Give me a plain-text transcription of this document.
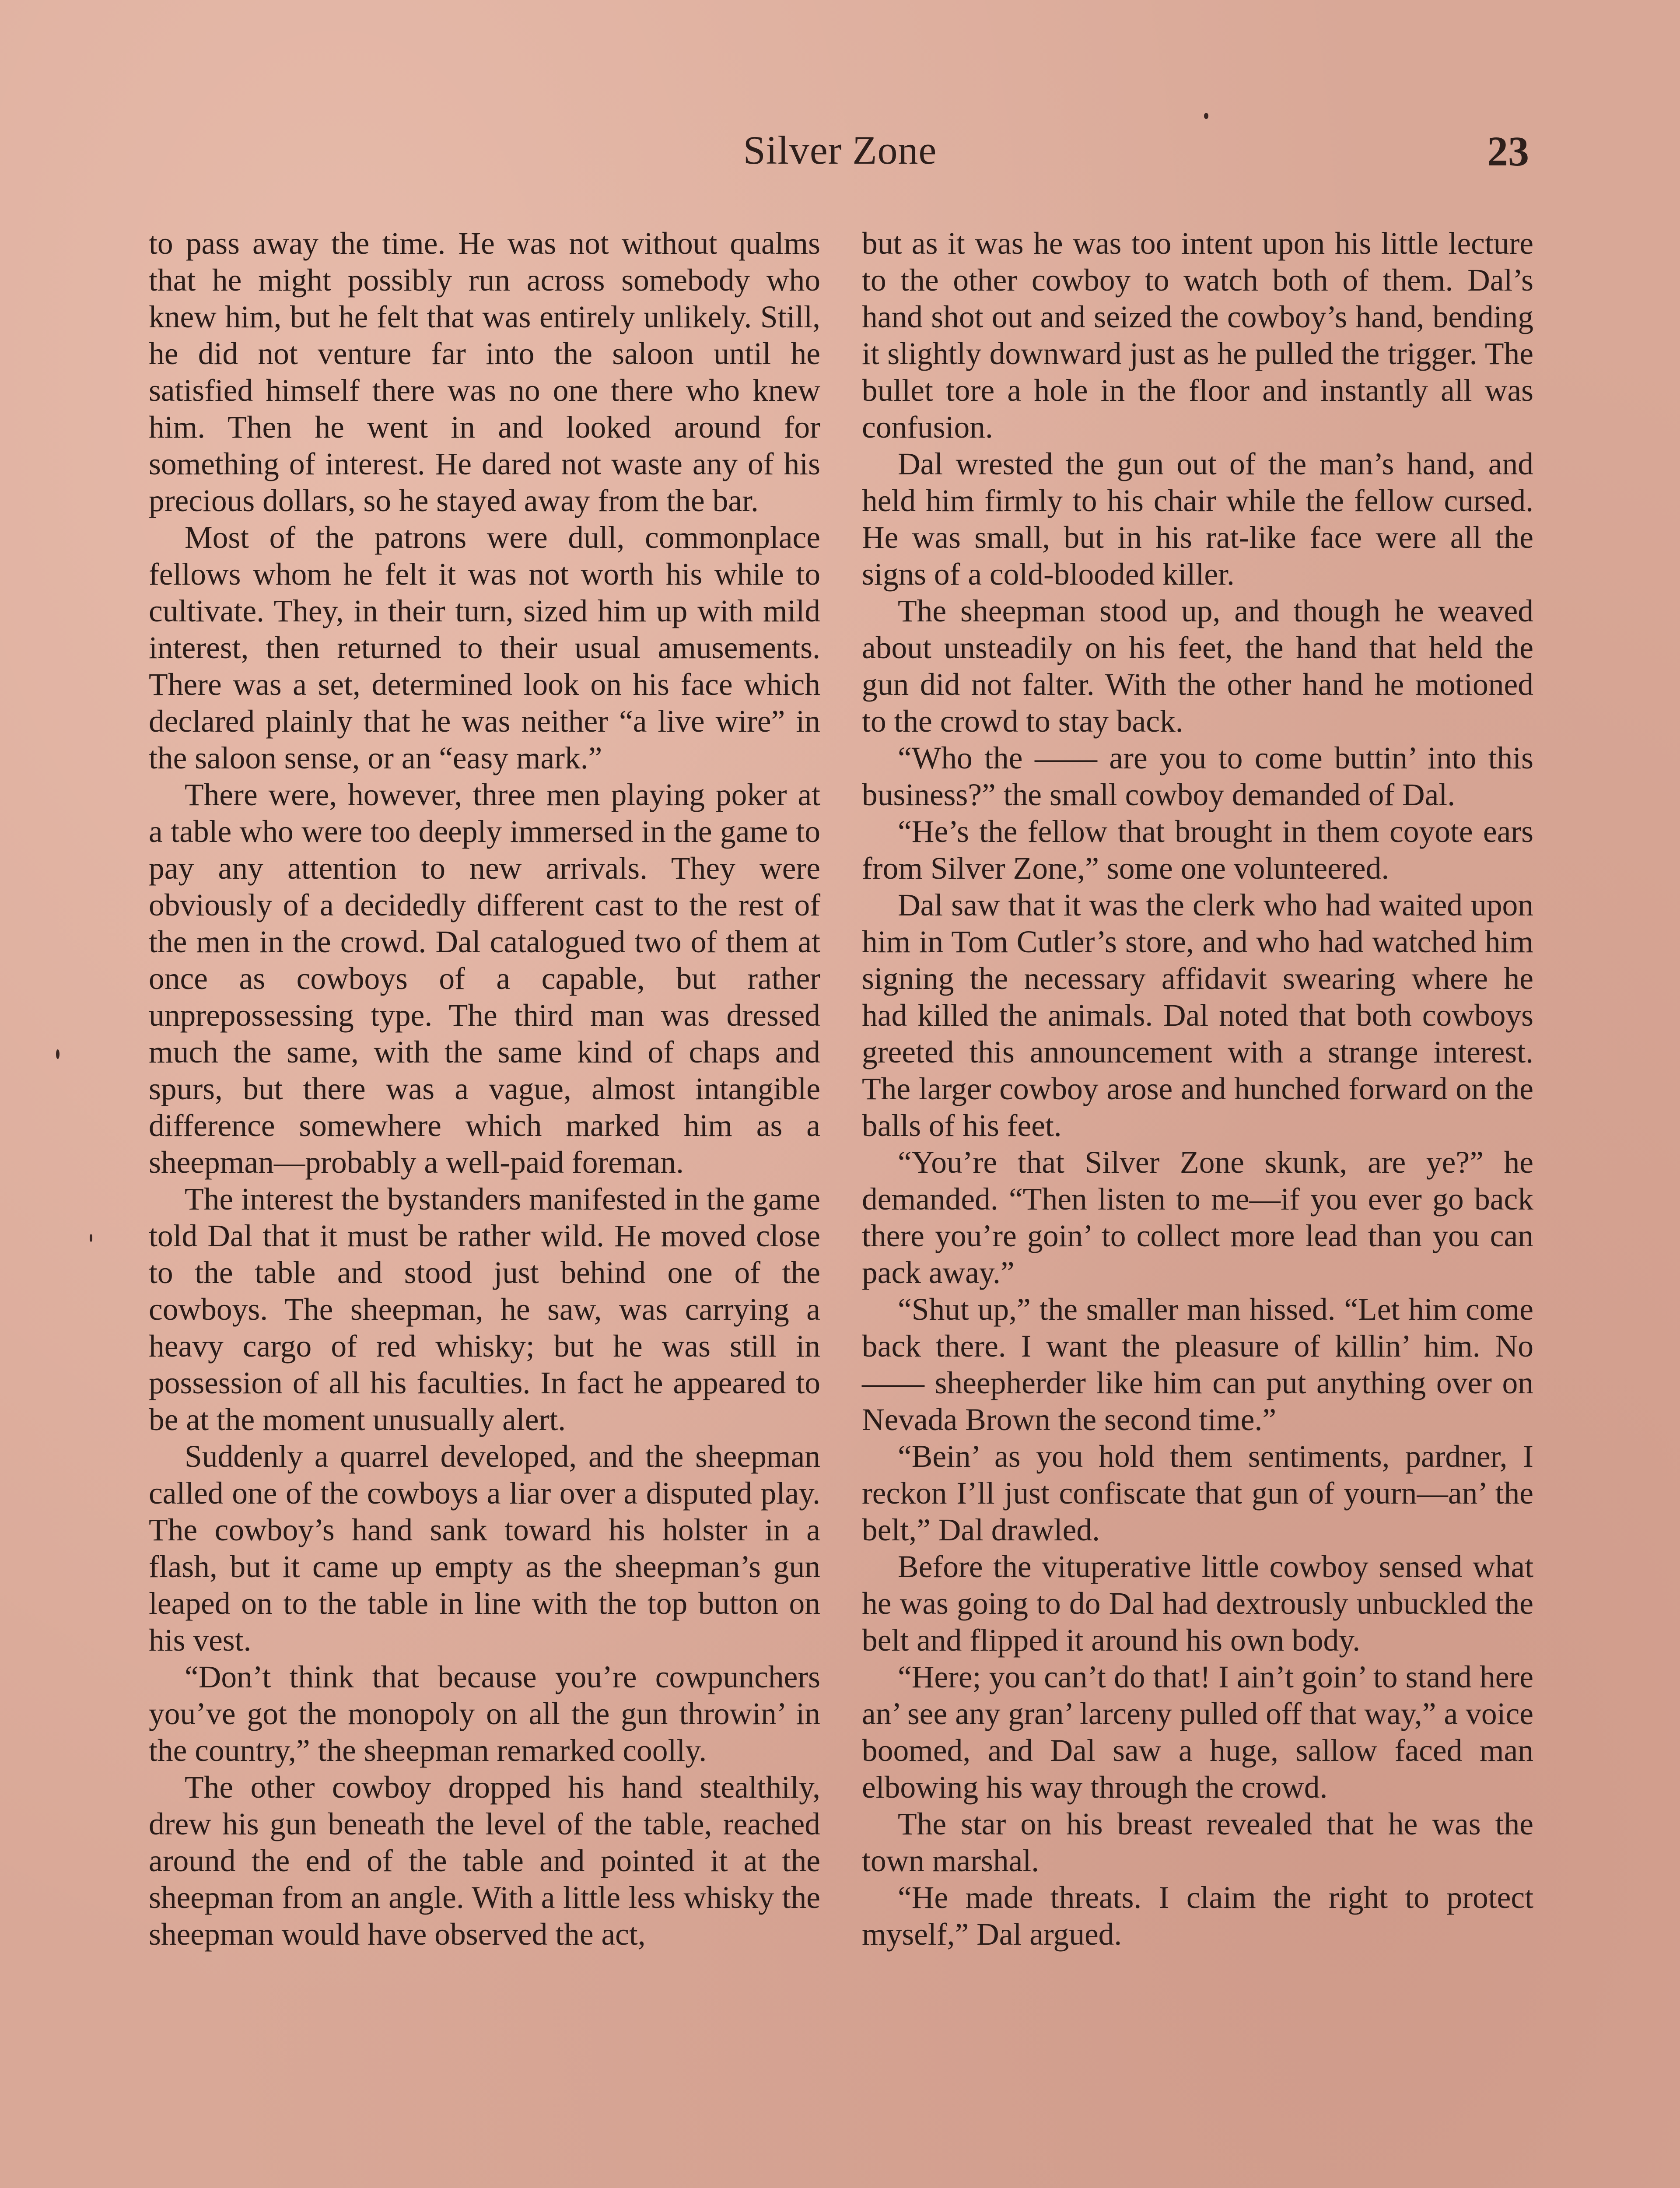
Silver Zone	23

to pass away the time. He was not without qualms that he might possibly run across somebody who knew him, but he felt that was entirely unlikely. Still, he did not venture far into the saloon until he satisfied himself there was no one there who knew him. Then he went in and looked around for something of interest. He dared not waste any of his precious dollars, so he stayed away from the bar.

Most of the patrons were dull, commonplace fellows whom he felt it was not worth his while to cultivate. They, in their turn, sized him up with mild interest, then returned to their usual amusements. There was a set, determined look on his face which declared plainly that he was neither “a live wire” in the saloon sense, or an “easy mark.”

There were, however, three men playing poker at a table who were too deeply immersed in the game to pay any attention to new arrivals. They were obviously of a decidedly different cast to the rest of the men in the crowd. Dal catalogued two of them at once as cowboys of a capable, but rather unprepossessing type. The third man was dressed much the same, with the same kind of chaps and spurs, but there was a vague, almost intangible difference somewhere which marked him as a sheepman—probably a well-paid foreman.

The interest the bystanders manifested in the game told Dal that it must be rather wild. He moved close to the table and stood just behind one of the cowboys. The sheepman, he saw, was carrying a heavy cargo of red whisky; but he was still in possession of all his faculties. In fact he appeared to be at the moment unusually alert.

Suddenly a quarrel developed, and the sheepman called one of the cowboys a liar over a disputed play. The cowboy’s hand sank toward his holster in a flash, but it came up empty as the sheepman’s gun leaped on to the table in line with the top button on his vest.

“Don’t think that because you’re cowpunchers you’ve got the monopoly on all the gun throwin’ in the country,” the sheepman remarked coolly.

The other cowboy dropped his hand stealthily, drew his gun beneath the level of the table, reached around the end of the table and pointed it at the sheepman from an angle. With a little less whisky the sheepman would have observed the act,

but as it was he was too intent upon his little lecture to the other cowboy to watch both of them. Dal’s hand shot out and seized the cowboy’s hand, bending it slightly downward just as he pulled the trigger. The bullet tore a hole in the floor and instantly all was confusion.

Dal wrested the gun out of the man’s hand, and held him firmly to his chair while the fellow cursed. He was small, but in his rat-like face were all the signs of a cold-blooded killer.

The sheepman stood up, and though he weaved about unsteadily on his feet, the hand that held the gun did not falter. With the other hand he motioned to the crowd to stay back.

“Who the —— are you to come buttin’ into this business?” the small cowboy demanded of Dal.

“He’s the fellow that brought in them coyote ears from Silver Zone,” some one volunteered.

Dal saw that it was the clerk who had waited upon him in Tom Cutler’s store, and who had watched him signing the necessary affidavit swearing where he had killed the animals. Dal noted that both cowboys greeted this announcement with a strange interest. The larger cowboy arose and hunched forward on the balls of his feet.

“You’re that Silver Zone skunk, are ye?” he demanded. “Then listen to me—if you ever go back there you’re goin’ to collect more lead than you can pack away.”

“Shut up,” the smaller man hissed. “Let him come back there. I want the pleasure of killin’ him. No —— sheepherder like him can put anything over on Nevada Brown the second time.”

“Bein’ as you hold them sentiments, pardner, I reckon I’ll just confiscate that gun of yourn—an’ the belt,” Dal drawled.

Before the vituperative little cowboy sensed what he was going to do Dal had dextrously unbuckled the belt and flipped it around his own body.

“Here; you can’t do that! I ain’t goin’ to stand here an’ see any gran’ larceny pulled off that way,” a voice boomed, and Dal saw a huge, sallow faced man elbowing his way through the crowd.

The star on his breast revealed that he was the town marshal.

“He made threats. I claim the right to protect myself,” Dal argued.
